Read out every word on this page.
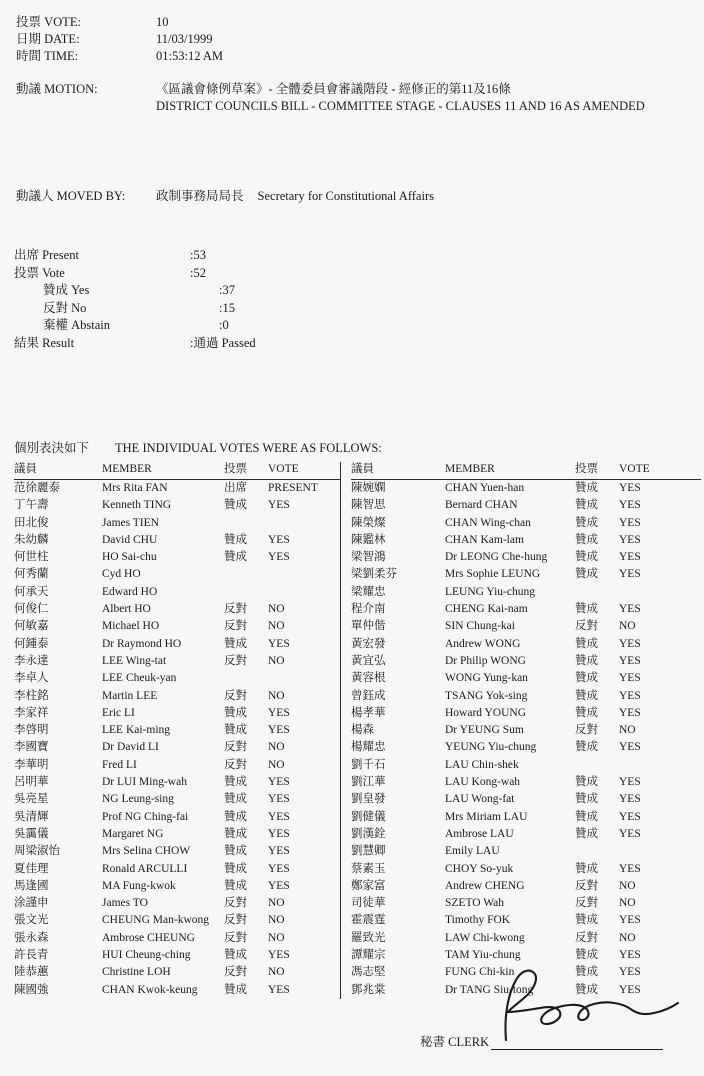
投票 VOTE:	10
日期 DATE:	11/03/1999
時間 TIME:	01:53:12 AM
動議 MOTION:	《區議會條例草案》- 全體委員會審議階段 - 經修正的第11及16條
DISTRICT COUNCILS BILL - COMMITTEE STAGE - CLAUSES 11 AND 16 AS AMENDED
動議人 MOVED BY:	政制事務局局長 Secretary for Constitutional Affairs
出席 Present	:53
投票 Vote	:52
贊成 Yes	:37
反對 No	:15
棄權 Abstain	:0
結果 Result	:通過 Passed
個別表決如下 THE INDIVIDUAL VOTES WERE AS FOLLOWS:
議員	MEMBER	投票	VOTE
范徐麗泰	Mrs Rita FAN	出席	PRESENT
丁午壽	Kenneth TING	贊成	YES
田北俊	James TIEN
朱幼麟	David CHU	贊成	YES
何世柱	HO Sai-chu	贊成	YES
何秀蘭	Cyd HO
何承天	Edward HO
何俊仁	Albert HO	反對	NO
何敏嘉	Michael HO	反對	NO
何鍾泰	Dr Raymond HO	贊成	YES
李永達	LEE Wing-tat	反對	NO
李卓人	LEE Cheuk-yan
李柱銘	Martin LEE	反對	NO
李家祥	Eric LI	贊成	YES
李啓明	LEE Kai-ming	贊成	YES
李國寶	Dr David LI	反對	NO
李華明	Fred LI	反對	NO
呂明華	Dr LUI Ming-wah	贊成	YES
吳亮星	NG Leung-sing	贊成	YES
吳清輝	Prof NG Ching-fai	贊成	YES
吳靄儀	Margaret NG	贊成	YES
周梁淑怡	Mrs Selina CHOW	贊成	YES
夏佳理	Ronald ARCULLI	贊成	YES
馬逢國	MA Fung-kwok	贊成	YES
涂謹申	James TO	反對	NO
張文光	CHEUNG Man-kwong	反對	NO
張永森	Ambrose CHEUNG	反對	NO
許長青	HUI Cheung-ching	贊成	YES
陸恭蕙	Christine LOH	反對	NO
陳國強	CHAN Kwok-keung	贊成	YES
議員	MEMBER	投票	VOTE
陳婉嫻	CHAN Yuen-han	贊成	YES
陳智思	Bernard CHAN	贊成	YES
陳榮燦	CHAN Wing-chan	贊成	YES
陳鑑林	CHAN Kam-lam	贊成	YES
梁智鴻	Dr LEONG Che-hung	贊成	YES
梁劉柔芬	Mrs Sophie LEUNG	贊成	YES
梁耀忠	LEUNG Yiu-chung
程介南	CHENG Kai-nam	贊成	YES
單仲偕	SIN Chung-kai	反對	NO
黃宏發	Andrew WONG	贊成	YES
黃宜弘	Dr Philip WONG	贊成	YES
黃容根	WONG Yung-kan	贊成	YES
曾鈺成	TSANG Yok-sing	贊成	YES
楊孝華	Howard YOUNG	贊成	YES
楊森	Dr YEUNG Sum	反對	NO
楊耀忠	YEUNG Yiu-chung	贊成	YES
劉千石	LAU Chin-shek
劉江華	LAU Kong-wah	贊成	YES
劉皇發	LAU Wong-fat	贊成	YES
劉健儀	Mrs Miriam LAU	贊成	YES
劉漢銓	Ambrose LAU	贊成	YES
劉慧卿	Emily LAU
蔡素玉	CHOY So-yuk	贊成	YES
鄭家富	Andrew CHENG	反對	NO
司徒華	SZETO Wah	反對	NO
霍震霆	Timothy FOK	贊成	YES
羅致光	LAW Chi-kwong	反對	NO
譚耀宗	TAM Yiu-chung	贊成	YES
馮志堅	FUNG Chi-kin	贊成	YES
鄧兆棠	Dr TANG Siu-tong	贊成	YES
秘書 CLERK
